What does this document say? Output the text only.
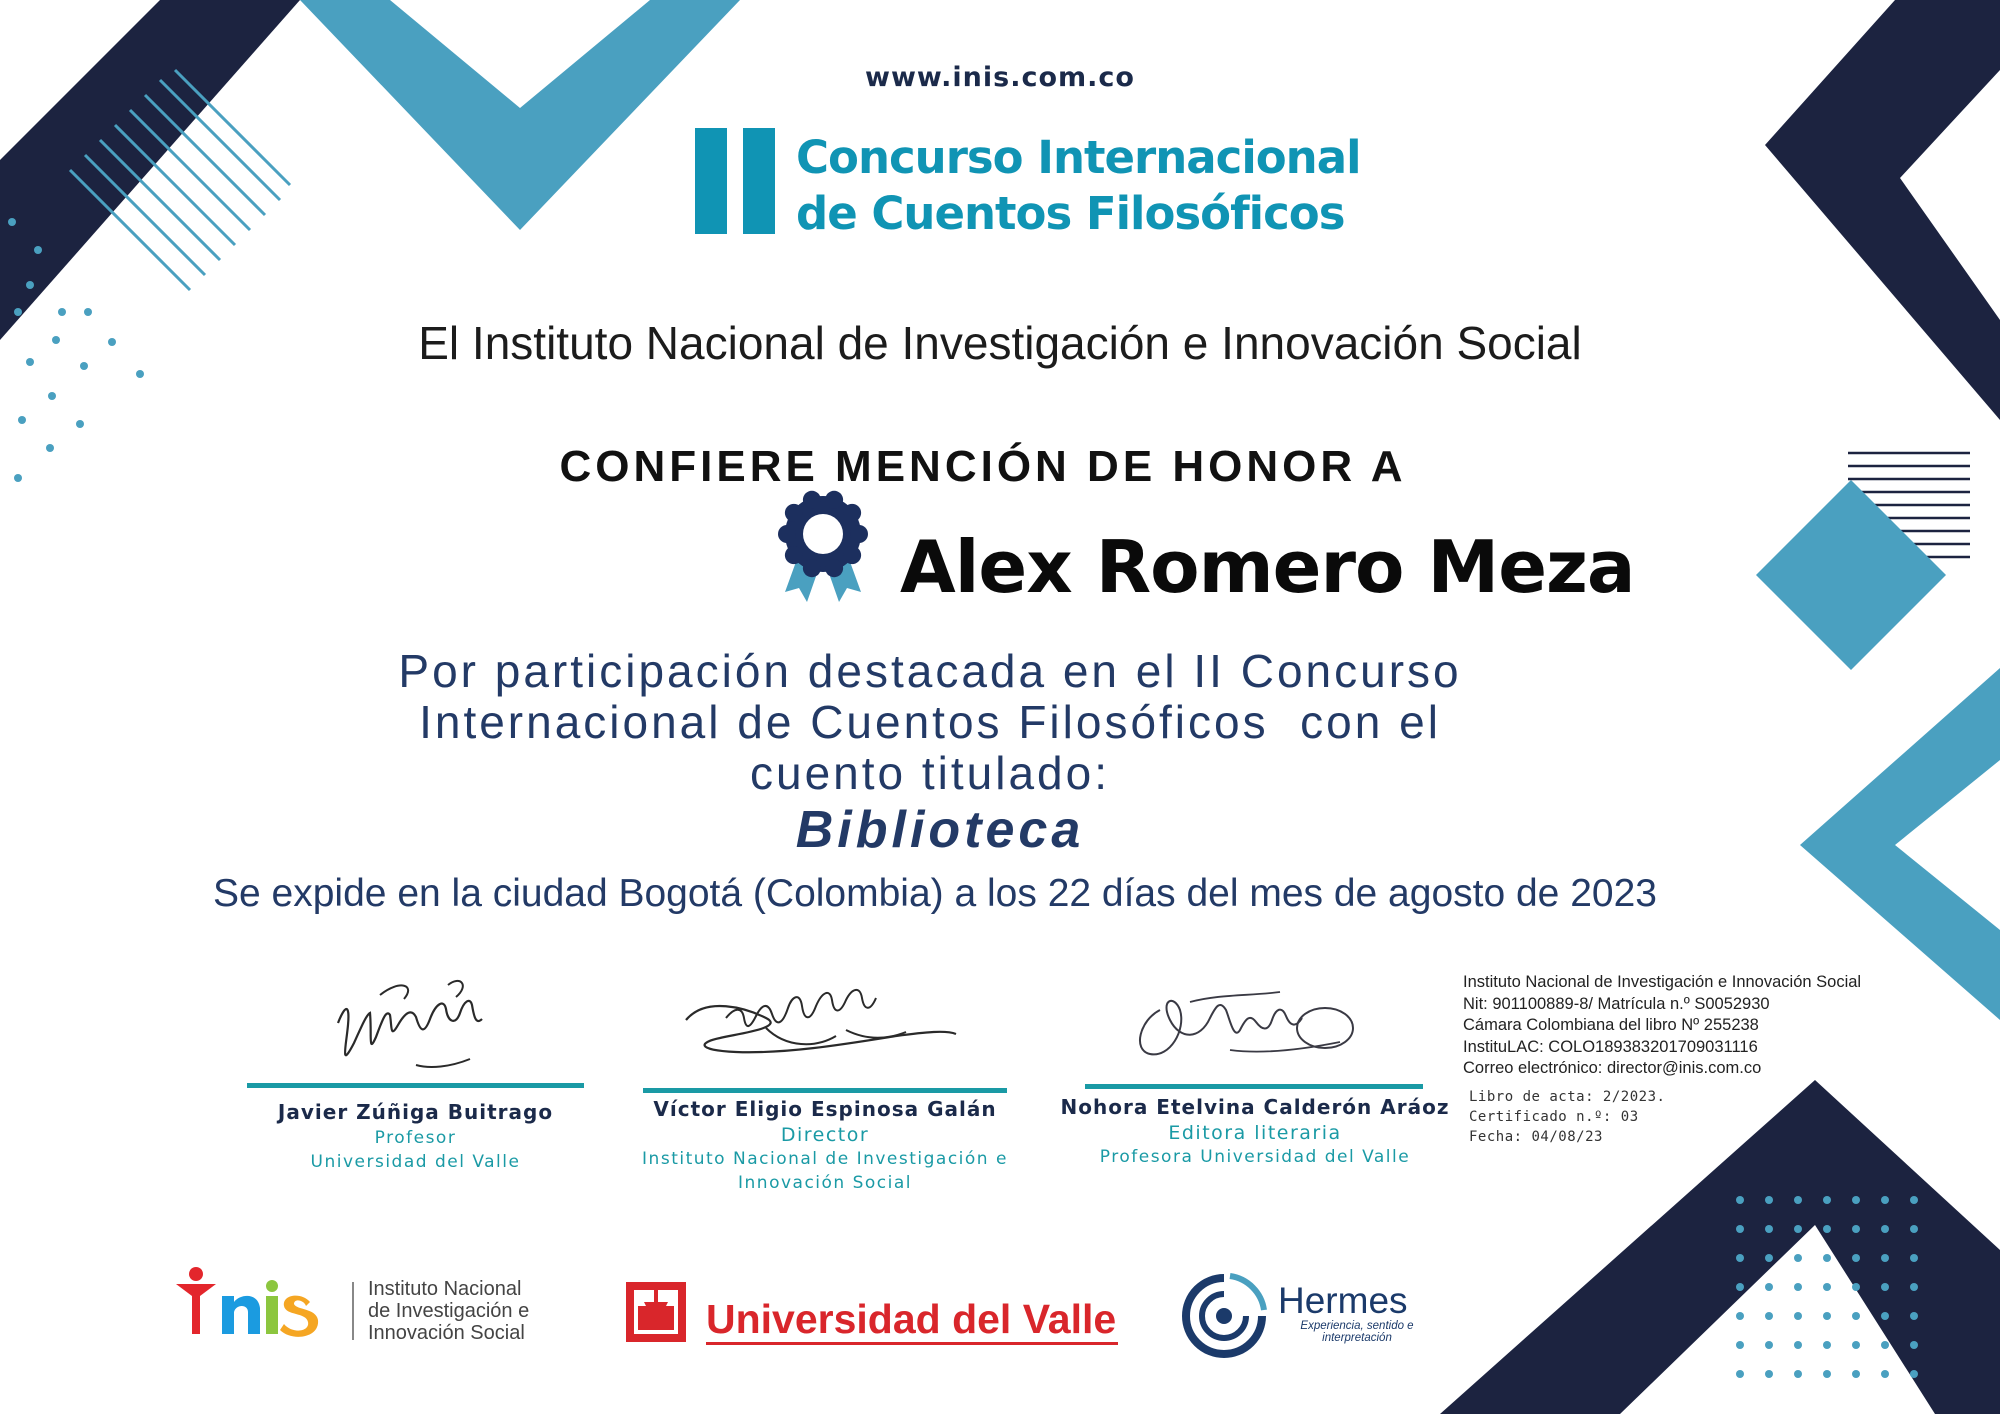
www.inis.com.co
Concurso Internacional
de Cuentos Filosóficos
El Instituto Nacional de Investigación e Innovación Social
CONFIERE MENCIÓN DE HONOR A
Alex Romero Meza
Por participación destacada en el II Concurso
Internacional de Cuentos Filosóficos  con el
cuento titulado:
Biblioteca
Se expide en la ciudad Bogotá (Colombia) a los 22 días del mes de agosto de 2023
Javier Zúñiga Buitrago
Profesor
Universidad del Valle
Víctor Eligio Espinosa Galán
Director
Instituto Nacional de Investigación e
Innovación Social
Nohora Etelvina Calderón Aráoz
Editora literaria
Profesora Universidad del Valle
Instituto Nacional de Investigación e Innovación Social
Nit: 901100889-8/ Matrícula n.º S0052930
Cámara Colombiana del libro Nº 255238
InstituLAC: COLO189383201709031116
Correo electrónico: director@inis.com.co
Libro de acta: 2/2023.
Certificado n.º: 03
Fecha: 04/08/23
Instituto Nacional
de Investigación e
Innovación Social	Universidad del Valle	Hermes
Experiencia, sentido e
interpretación
